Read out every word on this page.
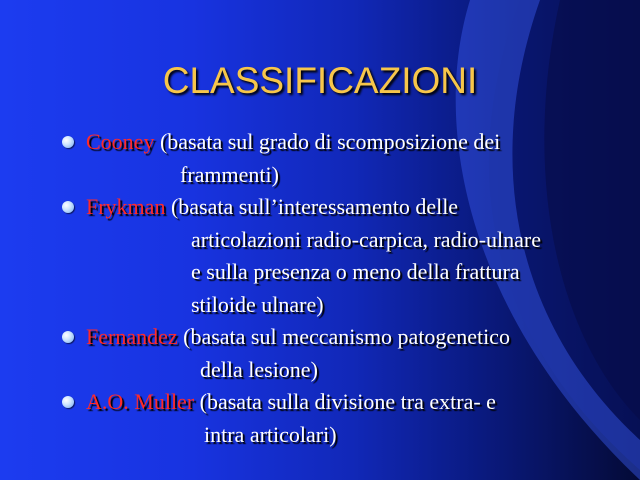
CLASSIFICAZIONI
Cooney (basata sul grado di scomposizione dei
frammenti)
Frykman (basata sull’interessamento delle
articolazioni radio-carpica, radio-ulnare
e sulla presenza o meno della frattura
stiloide ulnare)
Fernandez (basata sul meccanismo patogenetico
della lesione)
A.O. Muller (basata sulla divisione tra extra- e
intra articolari)
